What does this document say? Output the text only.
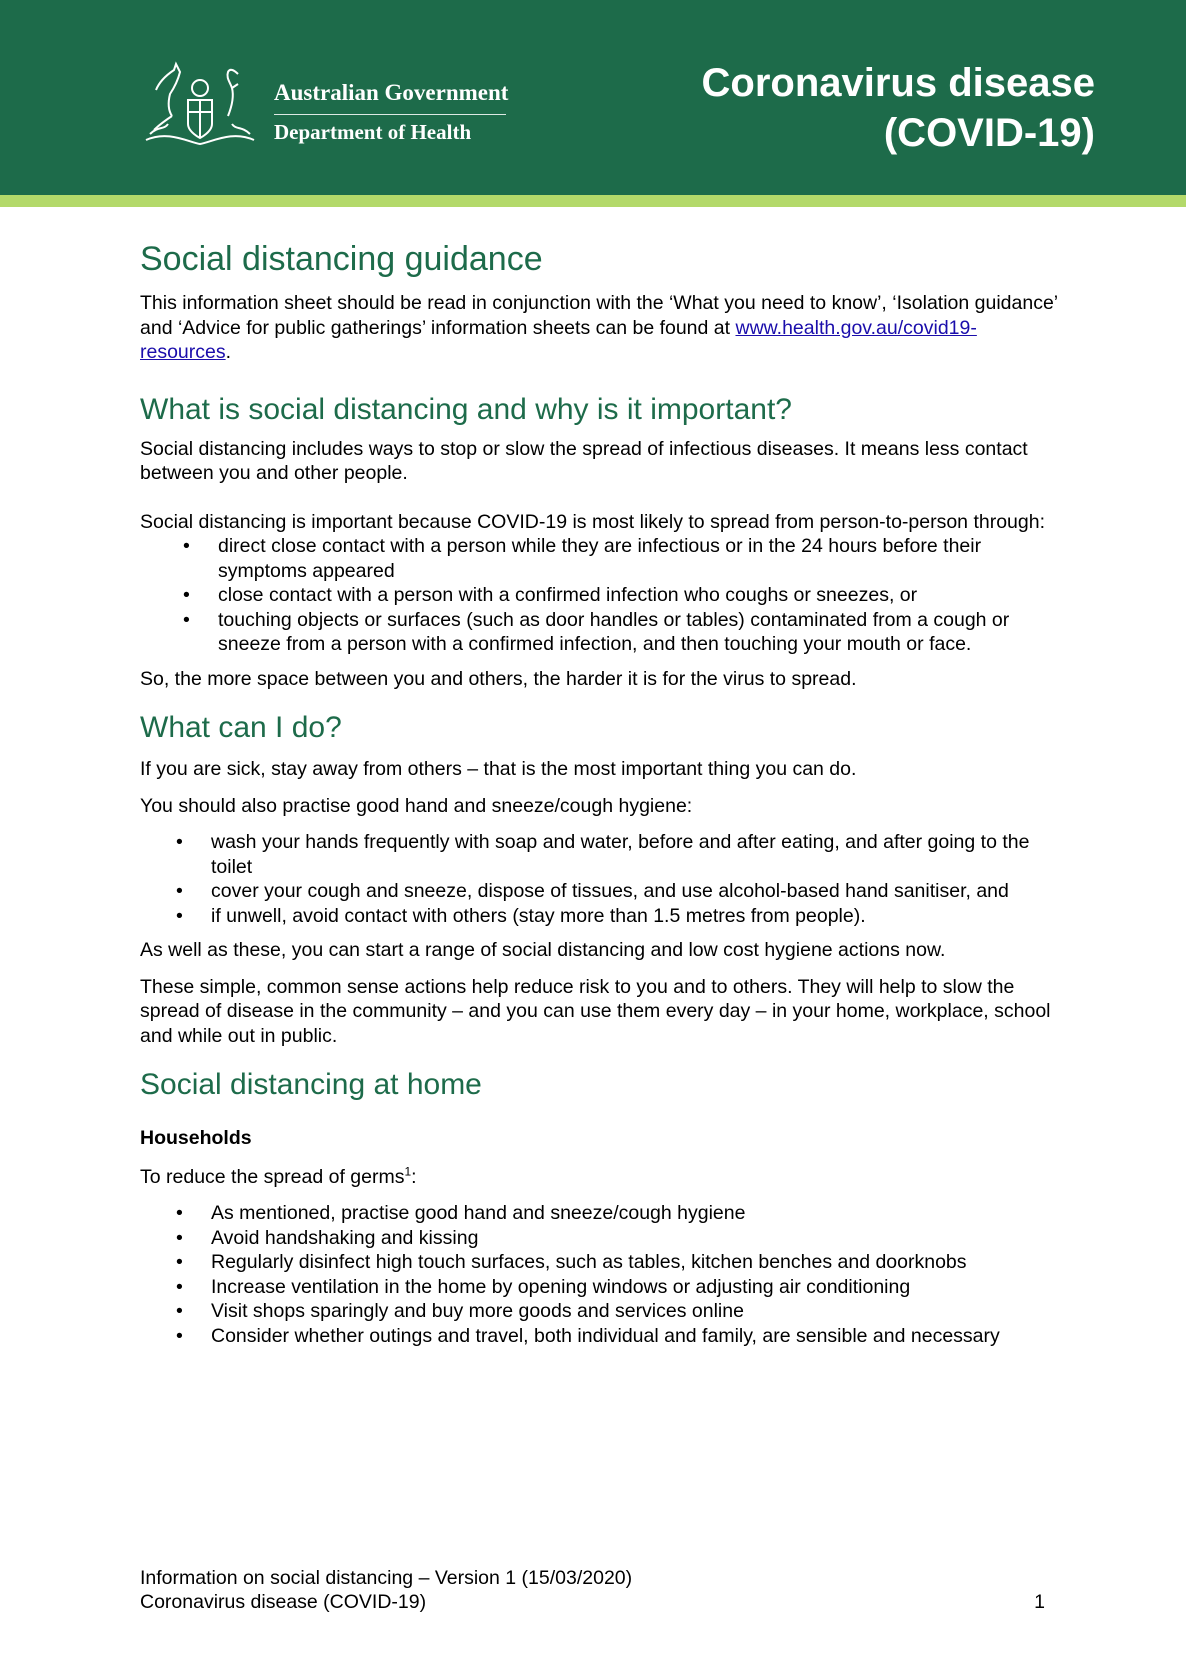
Australian Government
Department of Health
Coronavirus disease
(COVID-19)
Social distancing guidance

This information sheet should be read in conjunction with the ‘What you need to know’, ‘Isolation guidance’ and ‘Advice for public gatherings’ information sheets can be found at www.health.gov.au/covid19-resources.

What is social distancing and why is it important?

Social distancing includes ways to stop or slow the spread of infectious diseases. It means less contact between you and other people.

Social distancing is important because COVID-19 is most likely to spread from person-to-person through:

• direct close contact with a person while they are infectious or in the 24 hours before their symptoms appeared
• close contact with a person with a confirmed infection who coughs or sneezes, or
• touching objects or surfaces (such as door handles or tables) contaminated from a cough or sneeze from a person with a confirmed infection, and then touching your mouth or face.

So, the more space between you and others, the harder it is for the virus to spread.

What can I do?

If you are sick, stay away from others – that is the most important thing you can do.

You should also practise good hand and sneeze/cough hygiene:

• wash your hands frequently with soap and water, before and after eating, and after going to the toilet
• cover your cough and sneeze, dispose of tissues, and use alcohol-based hand sanitiser, and
• if unwell, avoid contact with others (stay more than 1.5 metres from people).

As well as these, you can start a range of social distancing and low cost hygiene actions now.

These simple, common sense actions help reduce risk to you and to others. They will help to slow the spread of disease in the community – and you can use them every day – in your home, workplace, school and while out in public.

Social distancing at home
Households

To reduce the spread of germs$^1$:

• As mentioned, practise good hand and sneeze/cough hygiene
• Avoid handshaking and kissing
• Regularly disinfect high touch surfaces, such as tables, kitchen benches and doorknobs
• Increase ventilation in the home by opening windows or adjusting air conditioning
• Visit shops sparingly and buy more goods and services online
• Consider whether outings and travel, both individual and family, are sensible and necessary
Information on social distancing – Version 1 (15/03/2020)
Coronavirus disease (COVID-19)	1
